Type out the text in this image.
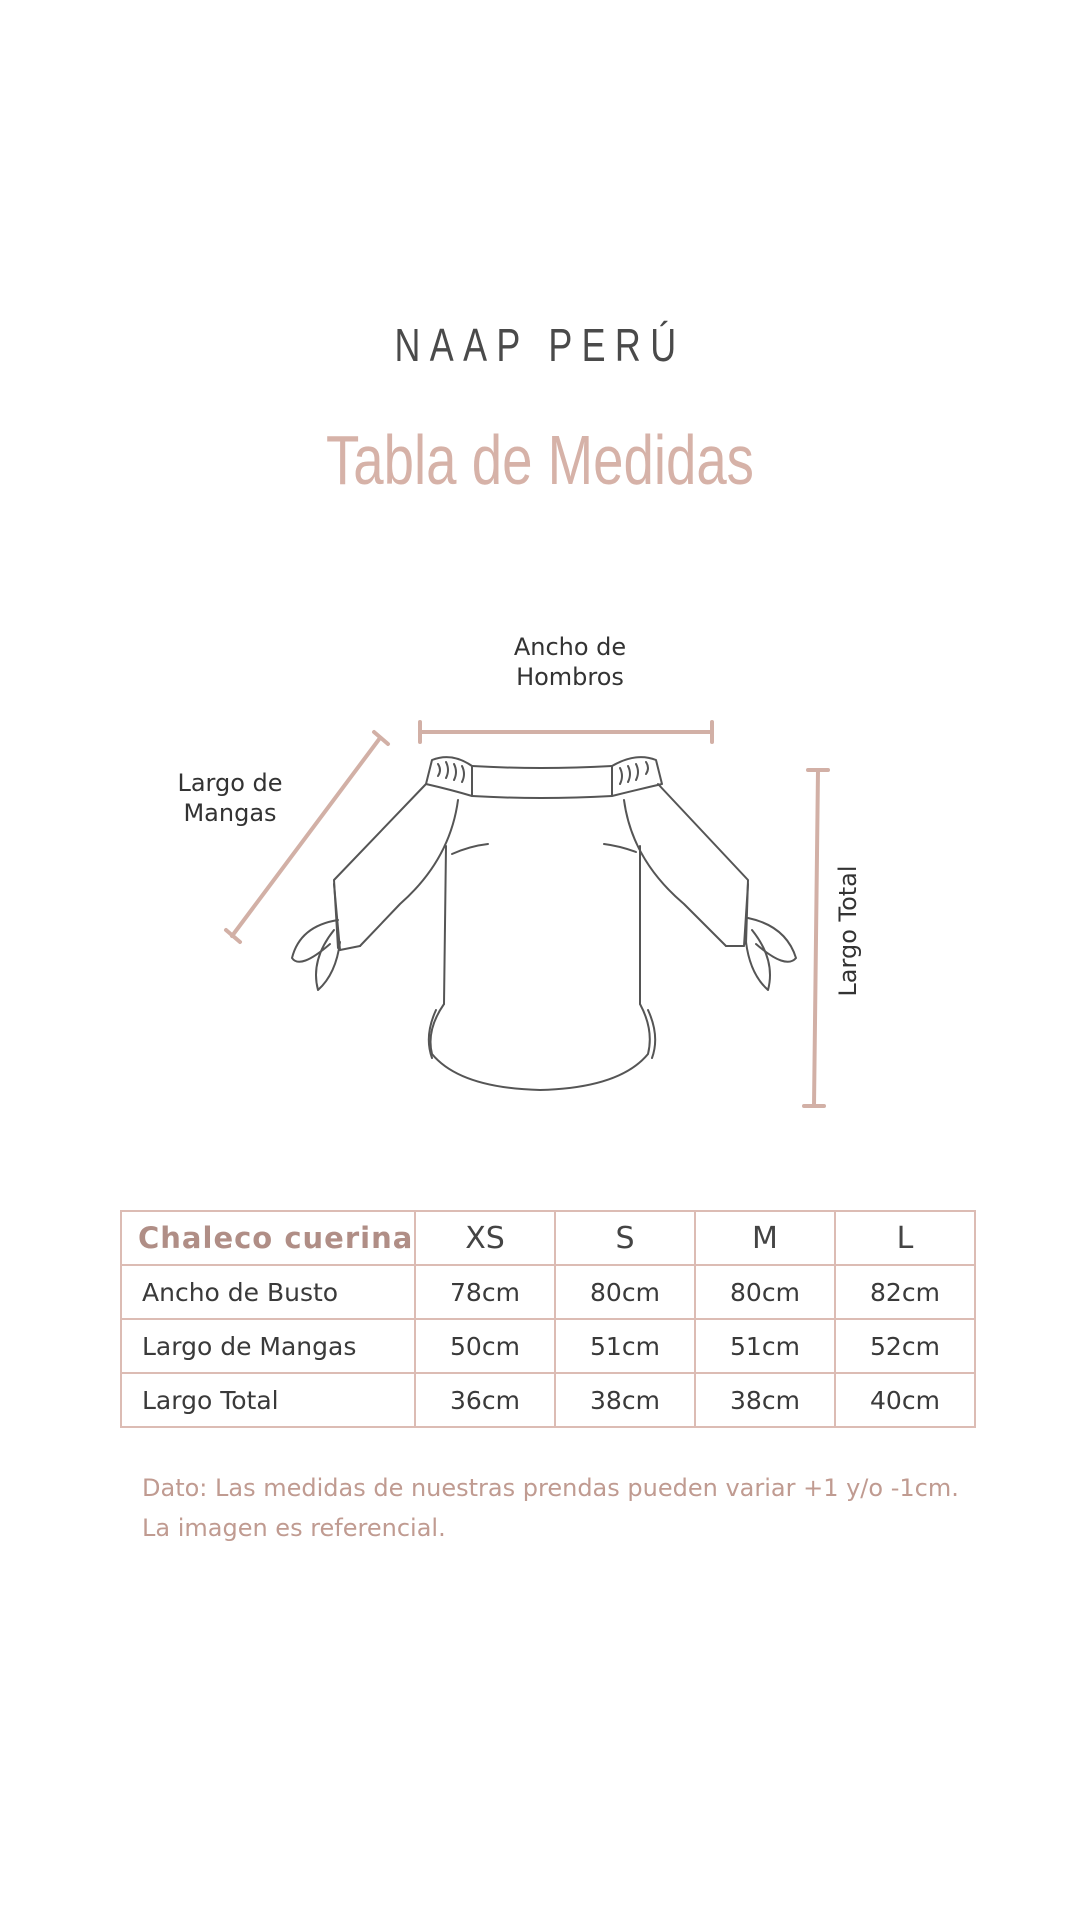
NAAP PERÚ
Tabla de Medidas
Ancho de
Hombros
Largo de
Mangas
Largo Total
Chaleco cuerina	XS	S	M	L
Ancho de Busto	78cm	80cm	80cm	82cm
Largo de Mangas	50cm	51cm	51cm	52cm
Largo Total	36cm	38cm	38cm	40cm
Dato: Las medidas de nuestras prendas pueden variar +1 y/o -1cm.
La imagen es referencial.
